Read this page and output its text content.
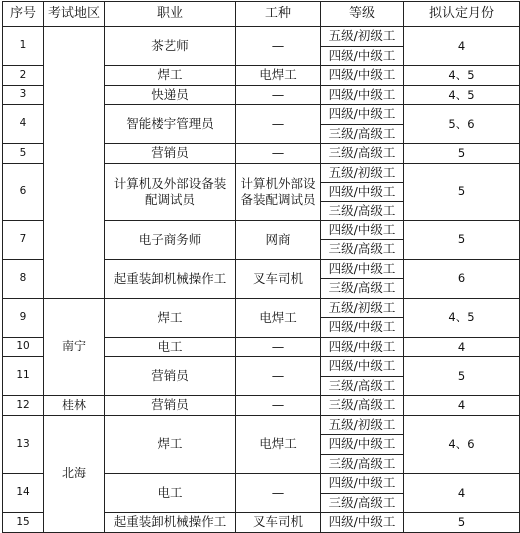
序号	考试地区	职业	工种	等级	拟认定月份
1		茶艺师	—	五级/初级工	4
				四级/中级工	
2		焊工	电焊工	四级/中级工	4、5
3		快递员	—	四级/中级工	4、5
4		智能楼宇管理员	—	四级/中级工	5、6
				三级/高级工	
5		营销员	—	三级/高级工	5
6		计算机及外部设备装配调试员	计算机外部设备装配调试员	五级/初级工	5
				四级/中级工	
				三级/高级工	
7		电子商务师	网商	四级/中级工	5
				三级/高级工	
8		起重装卸机械操作工	叉车司机	四级/中级工	6
				三级/高级工	
9	南宁	焊工	电焊工	五级/初级工	4、5
				四级/中级工	
10		电工	—	四级/中级工	4
11		营销员	—	四级/中级工	5
				三级/高级工	
12	桂林	营销员	—	三级/高级工	4
13	北海	焊工	电焊工	五级/初级工	4、6
				四级/中级工	
				三级/高级工	
14		电工	—	四级/中级工	4
				三级/高级工	
15		起重装卸机械操作工	叉车司机	四级/中级工	5
